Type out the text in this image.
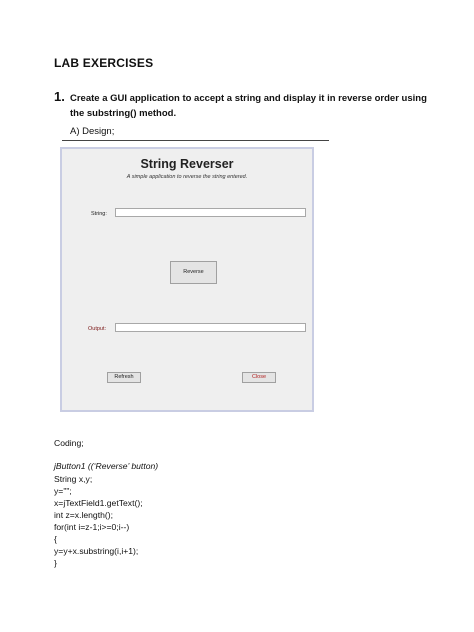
LAB EXERCISES
1. Create a GUI application to accept a string and display it in reverse order using the substring() method.
A) Design;
String Reverser
A simple application to reverse the string entered.
String:
Reverse
Output:
Refresh	Close
Coding;
jButton1 ((‘Reverse’ button)
String x,y;
y="";
x=jTextField1.getText();
int z=x.length();
for(int i=z-1;i>=0;i--)
{
y=y+x.substring(i,i+1);
}
